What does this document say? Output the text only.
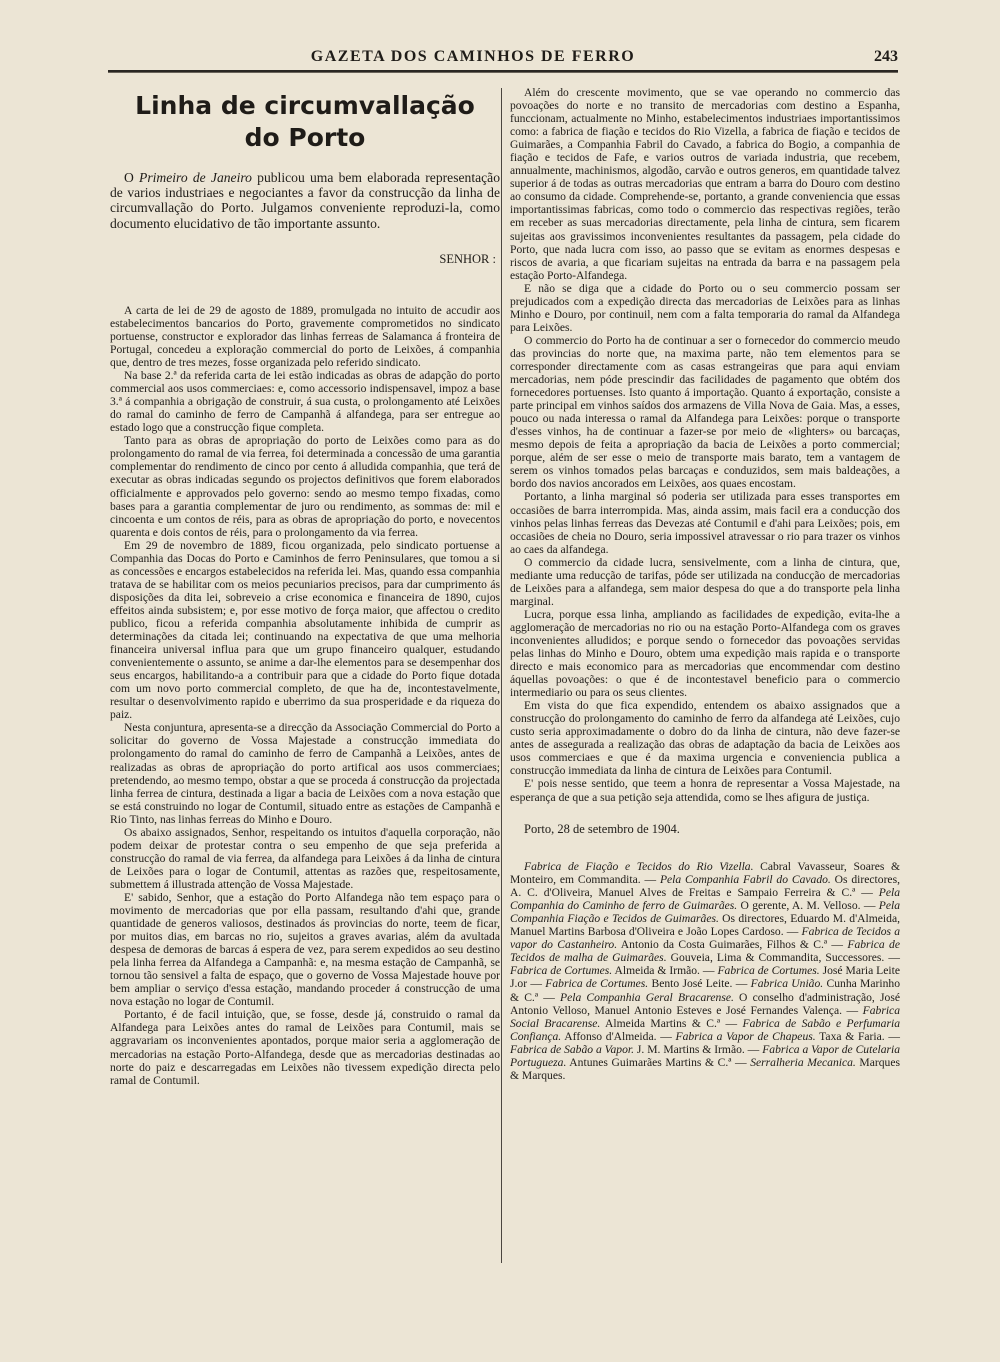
GAZETA DOS CAMINHOS DE FERRO	243
Linha de circumvallação
do Porto

O Primeiro de Janeiro publicou uma bem elaborada representação de varios industriaes e negociantes a favor da construcção da linha de circumvallação do Porto. Julgamos conveniente reproduzi-la, como documento elucidativo de tão importante assunto.

SENHOR :

A carta de lei de 29 de agosto de 1889, promulgada no intuito de accudir aos estabelecimentos bancarios do Porto, gravemente comprometidos no sindicato portuense, constructor e explorador das linhas ferreas de Salamanca á fronteira de Portugal, concedeu a exploração commercial do porto de Leixões, á companhia que, dentro de tres mezes, fosse organizada pelo referido sindicato.

Na base 2.ª da referida carta de lei estão indicadas as obras de adapção do porto commercial aos usos commerciaes: e, como accessorio indispensavel, impoz a base 3.ª á companhia a obrigação de construir, á sua custa, o prolongamento até Leixões do ramal do caminho de ferro de Campanhã á alfandega, para ser entregue ao estado logo que a construcção fique completa.

Tanto para as obras de apropriação do porto de Leixões como para as do prolongamento do ramal de via ferrea, foi determinada a concessão de uma garantia complementar do rendimento de cinco por cento á alludida companhia, que terá de executar as obras indicadas segundo os projectos definitivos que forem elaborados officialmente e approvados pelo governo: sendo ao mesmo tempo fixadas, como bases para a garantia complementar de juro ou rendimento, as sommas de: mil e cincoenta e um contos de réis, para as obras de apropriação do porto, e novecentos quarenta e dois contos de réis, para o prolongamento da via ferrea.

Em 29 de novembro de 1889, ficou organizada, pelo sindicato portuense a Companhia das Docas do Porto e Caminhos de ferro Peninsulares, que tomou a si as concessões e encargos estabelecidos na referida lei. Mas, quando essa companhia tratava de se habilitar com os meios pecuniarios precisos, para dar cumprimento ás disposições da dita lei, sobreveio a crise economica e financeira de 1890, cujos effeitos ainda subsistem; e, por esse motivo de força maior, que affectou o credito publico, ficou a referida companhia absolutamente inhibida de cumprir as determinações da citada lei; continuando na expectativa de que uma melhoria financeira universal influa para que um grupo financeiro qualquer, estudando convenientemente o assunto, se anime a dar-lhe elementos para se desempenhar dos seus encargos, habilitando-a a contribuir para que a cidade do Porto fique dotada com um novo porto commercial completo, de que ha de, incontestavelmente, resultar o desenvolvimento rapido e uberrimo da sua prosperidade e da riqueza do paiz.

Nesta conjuntura, apresenta-se a direcção da Associação Commercial do Porto a solicitar do governo de Vossa Majestade a construcção immediata do prolongamento do ramal do caminho de ferro de Campanhã a Leixões, antes de realizadas as obras de apropriação do porto artifical aos usos commerciaes; pretendendo, ao mesmo tempo, obstar a que se proceda á construcção da projectada linha ferrea de cintura, destinada a ligar a bacia de Leixões com a nova estação que se está construindo no logar de Contumil, situado entre as estações de Campanhã e Rio Tinto, nas linhas ferreas do Minho e Douro.

Os abaixo assignados, Senhor, respeitando os intuitos d'aquella corporação, não podem deixar de protestar contra o seu empenho de que seja preferida a construcção do ramal de via ferrea, da alfandega para Leixões á da linha de cintura de Leixões para o logar de Contumil, attentas as razões que, respeitosamente, submettem á illustrada attenção de Vossa Majestade.

E' sabido, Senhor, que a estação do Porto Alfandega não tem espaço para o movimento de mercadorias que por ella passam, resultando d'ahi que, grande quantidade de generos valiosos, destinados ás provincias do norte, teem de ficar, por muitos dias, em barcas no rio, sujeitos a graves avarias, além da avultada despesa de demoras de barcas á espera de vez, para serem expedidos ao seu destino pela linha ferrea da Alfandega a Campanhã: e, na mesma estação de Campanhã, se tornou tão sensivel a falta de espaço, que o governo de Vossa Majestade houve por bem ampliar o serviço d'essa estação, mandando proceder á construcção de uma nova estação no logar de Contumil.

Portanto, é de facil intuição, que, se fosse, desde já, construido o ramal da Alfandega para Leixões antes do ramal de Leixões para Contumil, mais se aggravariam os inconvenientes apontados, porque maior seria a agglomeração de mercadorias na estação Porto-Alfandega, desde que as mercadorias destinadas ao norte do paiz e descarregadas em Leixões não tivessem expedição directa pelo ramal de Contumil.

Além do crescente movimento, que se vae operando no commercio das povoações do norte e no transito de mercadorias com destino a Espanha, funccionam, actualmente no Minho, estabelecimentos industriaes importantissimos como: a fabrica de fiação e tecidos do Rio Vizella, a fabrica de fiação e tecidos de Guimarães, a Companhia Fabril do Cavado, a fabrica do Bogio, a companhia de fiação e tecidos de Fafe, e varios outros de variada industria, que recebem, annualmente, machinismos, algodão, carvão e outros generos, em quantidade talvez superior á de todas as outras mercadorias que entram a barra do Douro com destino ao consumo da cidade. Comprehende-se, portanto, a grande conveniencia que essas importantissimas fabricas, como todo o commercio das respectivas regiões, terão em receber as suas mercadorias directamente, pela linha de cintura, sem ficarem sujeitas aos gravissimos inconvenientes resultantes da passagem, pela cidade do Porto, que nada lucra com isso, ao passo que se evitam as enormes despesas e riscos de avaria, a que ficariam sujeitas na entrada da barra e na passagem pela estação Porto-Alfandega.

E não se diga que a cidade do Porto ou o seu commercio possam ser prejudicados com a expedição directa das mercadorias de Leixões para as linhas Minho e Douro, por continuil, nem com a falta temporaria do ramal da Alfandega para Leixões.

O commercio do Porto ha de continuar a ser o fornecedor do commercio meudo das provincias do norte que, na maxima parte, não tem elementos para se corresponder directamente com as casas estrangeiras que para aqui enviam mercadorias, nem póde prescindir das facilidades de pagamento que obtém dos fornecedores portuenses. Isto quanto á importação. Quanto á exportação, consiste a parte principal em vinhos saídos dos armazens de Villa Nova de Gaia. Mas, a esses, pouco ou nada interessa o ramal da Alfandega para Leixões: porque o transporte d'esses vinhos, ha de continuar a fazer-se por meio de «lighters» ou barcaças, mesmo depois de feita a apropriação da bacia de Leixões a porto commercial; porque, além de ser esse o meio de transporte mais barato, tem a vantagem de serem os vinhos tomados pelas barcaças e conduzidos, sem mais baldeações, a bordo dos navios ancorados em Leixões, aos quaes encostam.

Portanto, a linha marginal só poderia ser utilizada para esses transportes em occasiões de barra interrompida. Mas, ainda assim, mais facil era a conducção dos vinhos pelas linhas ferreas das Devezas até Contumil e d'ahi para Leixões; pois, em occasiões de cheia no Douro, seria impossivel atravessar o rio para trazer os vinhos ao caes da alfandega.

O commercio da cidade lucra, sensivelmente, com a linha de cintura, que, mediante uma reducção de tarifas, póde ser utilizada na conducção de mercadorias de Leixões para a alfandega, sem maior despesa do que a do transporte pela linha marginal.

Lucra, porque essa linha, ampliando as facilidades de expedição, evita-lhe a agglomeração de mercadorias no rio ou na estação Porto-Alfandega com os graves inconvenientes alludidos; e porque sendo o fornecedor das povoações servidas pelas linhas do Minho e Douro, obtem uma expedição mais rapida e o transporte directo e mais economico para as mercadorias que encommendar com destino áquellas povoações: o que é de incontestavel beneficio para o commercio intermediario ou para os seus clientes.

Em vista do que fica expendido, entendem os abaixo assignados que a construcção do prolongamento do caminho de ferro da alfandega até Leixões, cujo custo seria approximadamente o dobro do da linha de cintura, não deve fazer-se antes de assegurada a realização das obras de adaptação da bacia de Leixões aos usos commerciaes e que é da maxima urgencia e conveniencia publica a construcção immediata da linha de cintura de Leixões para Contumil.

E' pois nesse sentido, que teem a honra de representar a Vossa Majestade, na esperança de que a sua petição seja attendida, como se lhes afigura de justiça.

Porto, 28 de setembro de 1904.

Fabrica de Fiação e Tecidos do Rio Vizella. Cabral Vavasseur, Soares & Monteiro, em Commandita. — Pela Companhia Fabril do Cavado. Os directores, A. C. d'Oliveira, Manuel Alves de Freitas e Sampaio Ferreira & C.ª — Pela Companhia do Caminho de ferro de Guimarães. O gerente, A. M. Velloso. — Pela Companhia Fiação e Tecidos de Guimarães. Os directores, Eduardo M. d'Almeida, Manuel Martins Barbosa d'Oliveira e João Lopes Cardoso. — Fabrica de Tecidos a vapor do Castanheiro. Antonio da Costa Guimarães, Filhos & C.ª — Fabrica de Tecidos de malha de Guimarães. Gouveia, Lima & Commandita, Successores. — Fabrica de Cortumes. Almeida & Irmão. — Fabrica de Cortumes. José Maria Leite J.or — Fabrica de Cortumes. Bento José Leite. — Fabrica União. Cunha Marinho & C.ª — Pela Companhia Geral Bracarense. O conselho d'administração, José Antonio Velloso, Manuel Antonio Esteves e José Fernandes Valença. — Fabrica Social Bracarense. Almeida Martins & C.ª — Fabrica de Sabão e Perfumaria Confiança. Affonso d'Almeida. — Fabrica a Vapor de Chapeus. Taxa & Faria. — Fabrica de Sabão a Vapor. J. M. Martins & Irmão. — Fabrica a Vapor de Cutelaria Portugueza. Antunes Guimarães Martins & C.ª — Serralheria Mecanica. Marques & Marques.
